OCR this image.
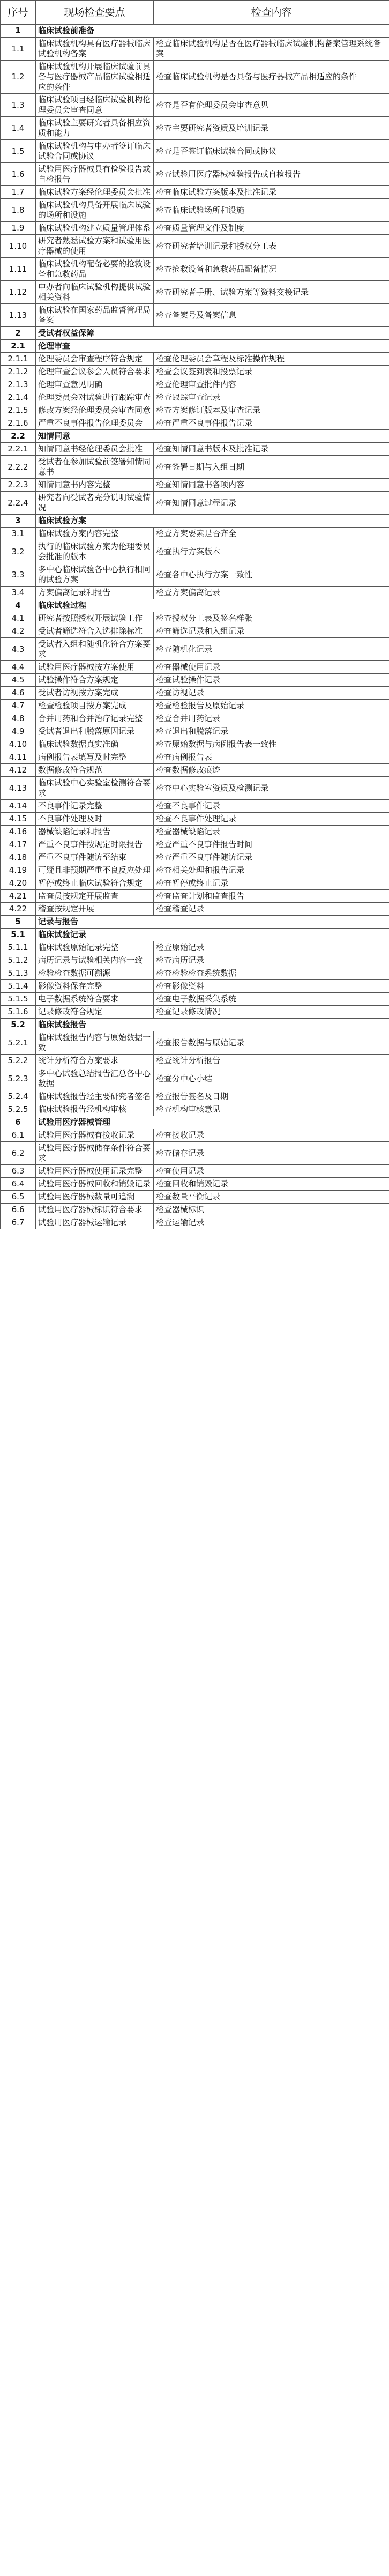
序号	现场检查要点	检查内容
1	临床试验前准备	
1.1	临床试验机构具有医疗器械临床试验机构备案	检查临床试验机构是否在医疗器械临床试验机构备案管理系统备案
1.2	临床试验机构开展临床试验前具备与医疗器械产品临床试验相适应的条件	检查临床试验机构是否具备与医疗器械产品相适应的条件
1.3	临床试验项目经临床试验机构伦理委员会审查同意	检查是否有伦理委员会审查意见
1.4	临床试验主要研究者具备相应资质和能力	检查主要研究者资质及培训记录
1.5	临床试验机构与申办者签订临床试验合同或协议	检查是否签订临床试验合同或协议
1.6	试验用医疗器械具有检验报告或自检报告	检查试验用医疗器械检验报告或自检报告
1.7	临床试验方案经伦理委员会批准	检查临床试验方案版本及批准记录
1.8	临床试验机构具备开展临床试验的场所和设施	检查临床试验场所和设施
1.9	临床试验机构建立质量管理体系	检查质量管理文件及制度
1.10	研究者熟悉试验方案和试验用医疗器械的使用	检查研究者培训记录和授权分工表
1.11	临床试验机构配备必要的抢救设备和急救药品	检查抢救设备和急救药品配备情况
1.12	申办者向临床试验机构提供试验相关资料	检查研究者手册、试验方案等资料交接记录
1.13	临床试验在国家药品监督管理局备案	检查备案号及备案信息
2	受试者权益保障	
2.1	伦理审查	
2.1.1	伦理委员会审查程序符合规定	检查伦理委员会章程及标准操作规程
2.1.2	伦理审查会议参会人员符合要求	检查会议签到表和投票记录
2.1.3	伦理审查意见明确	检查伦理审查批件内容
2.1.4	伦理委员会对试验进行跟踪审查	检查跟踪审查记录
2.1.5	修改方案经伦理委员会审查同意	检查方案修订版本及审查记录
2.1.6	严重不良事件报告伦理委员会	检查严重不良事件报告记录
2.2	知情同意	
2.2.1	知情同意书经伦理委员会批准	检查知情同意书版本及批准记录
2.2.2	受试者在参加试验前签署知情同意书	检查签署日期与入组日期
2.2.3	知情同意书内容完整	检查知情同意书各项内容
2.2.4	研究者向受试者充分说明试验情况	检查知情同意过程记录
3	临床试验方案	
3.1	临床试验方案内容完整	检查方案要素是否齐全
3.2	执行的临床试验方案为伦理委员会批准的版本	检查执行方案版本
3.3	多中心临床试验各中心执行相同的试验方案	检查各中心执行方案一致性
3.4	方案偏离记录和报告	检查方案偏离记录
4	临床试验过程	
4.1	研究者按照授权开展试验工作	检查授权分工表及签名样张
4.2	受试者筛选符合入选排除标准	检查筛选记录和入组记录
4.3	受试者入组和随机化符合方案要求	检查随机化记录
4.4	试验用医疗器械按方案使用	检查器械使用记录
4.5	试验操作符合方案规定	检查试验操作记录
4.6	受试者访视按方案完成	检查访视记录
4.7	检查检验项目按方案完成	检查检验报告及原始记录
4.8	合并用药和合并治疗记录完整	检查合并用药记录
4.9	受试者退出和脱落原因记录	检查退出和脱落记录
4.10	临床试验数据真实准确	检查原始数据与病例报告表一致性
4.11	病例报告表填写及时完整	检查病例报告表
4.12	数据修改符合规范	检查数据修改痕迹
4.13	临床试验中心实验室检测符合要求	检查中心实验室资质及检测记录
4.14	不良事件记录完整	检查不良事件记录
4.15	不良事件处理及时	检查不良事件处理记录
4.16	器械缺陷记录和报告	检查器械缺陷记录
4.17	严重不良事件按规定时限报告	检查严重不良事件报告时间
4.18	严重不良事件随访至结束	检查严重不良事件随访记录
4.19	可疑且非预期严重不良反应处理	检查相关处理和报告记录
4.20	暂停或终止临床试验符合规定	检查暂停或终止记录
4.21	监查员按规定开展监查	检查监查计划和监查报告
4.22	稽查按规定开展	检查稽查记录
5	记录与报告	
5.1	临床试验记录	
5.1.1	临床试验原始记录完整	检查原始记录
5.1.2	病历记录与试验相关内容一致	检查病历记录
5.1.3	检验检查数据可溯源	检查检验检查系统数据
5.1.4	影像资料保存完整	检查影像资料
5.1.5	电子数据系统符合要求	检查电子数据采集系统
5.1.6	记录修改符合规定	检查记录修改情况
5.2	临床试验报告	
5.2.1	临床试验报告内容与原始数据一致	检查报告数据与原始记录
5.2.2	统计分析符合方案要求	检查统计分析报告
5.2.3	多中心试验总结报告汇总各中心数据	检查分中心小结
5.2.4	临床试验报告经主要研究者签名	检查报告签名及日期
5.2.5	临床试验报告经机构审核	检查机构审核意见
6	试验用医疗器械管理	
6.1	试验用医疗器械有接收记录	检查接收记录
6.2	试验用医疗器械储存条件符合要求	检查储存记录
6.3	试验用医疗器械使用记录完整	检查使用记录
6.4	试验用医疗器械回收和销毁记录	检查回收和销毁记录
6.5	试验用医疗器械数量可追溯	检查数量平衡记录
6.6	试验用医疗器械标识符合要求	检查器械标识
6.7	试验用医疗器械运输记录	检查运输记录
